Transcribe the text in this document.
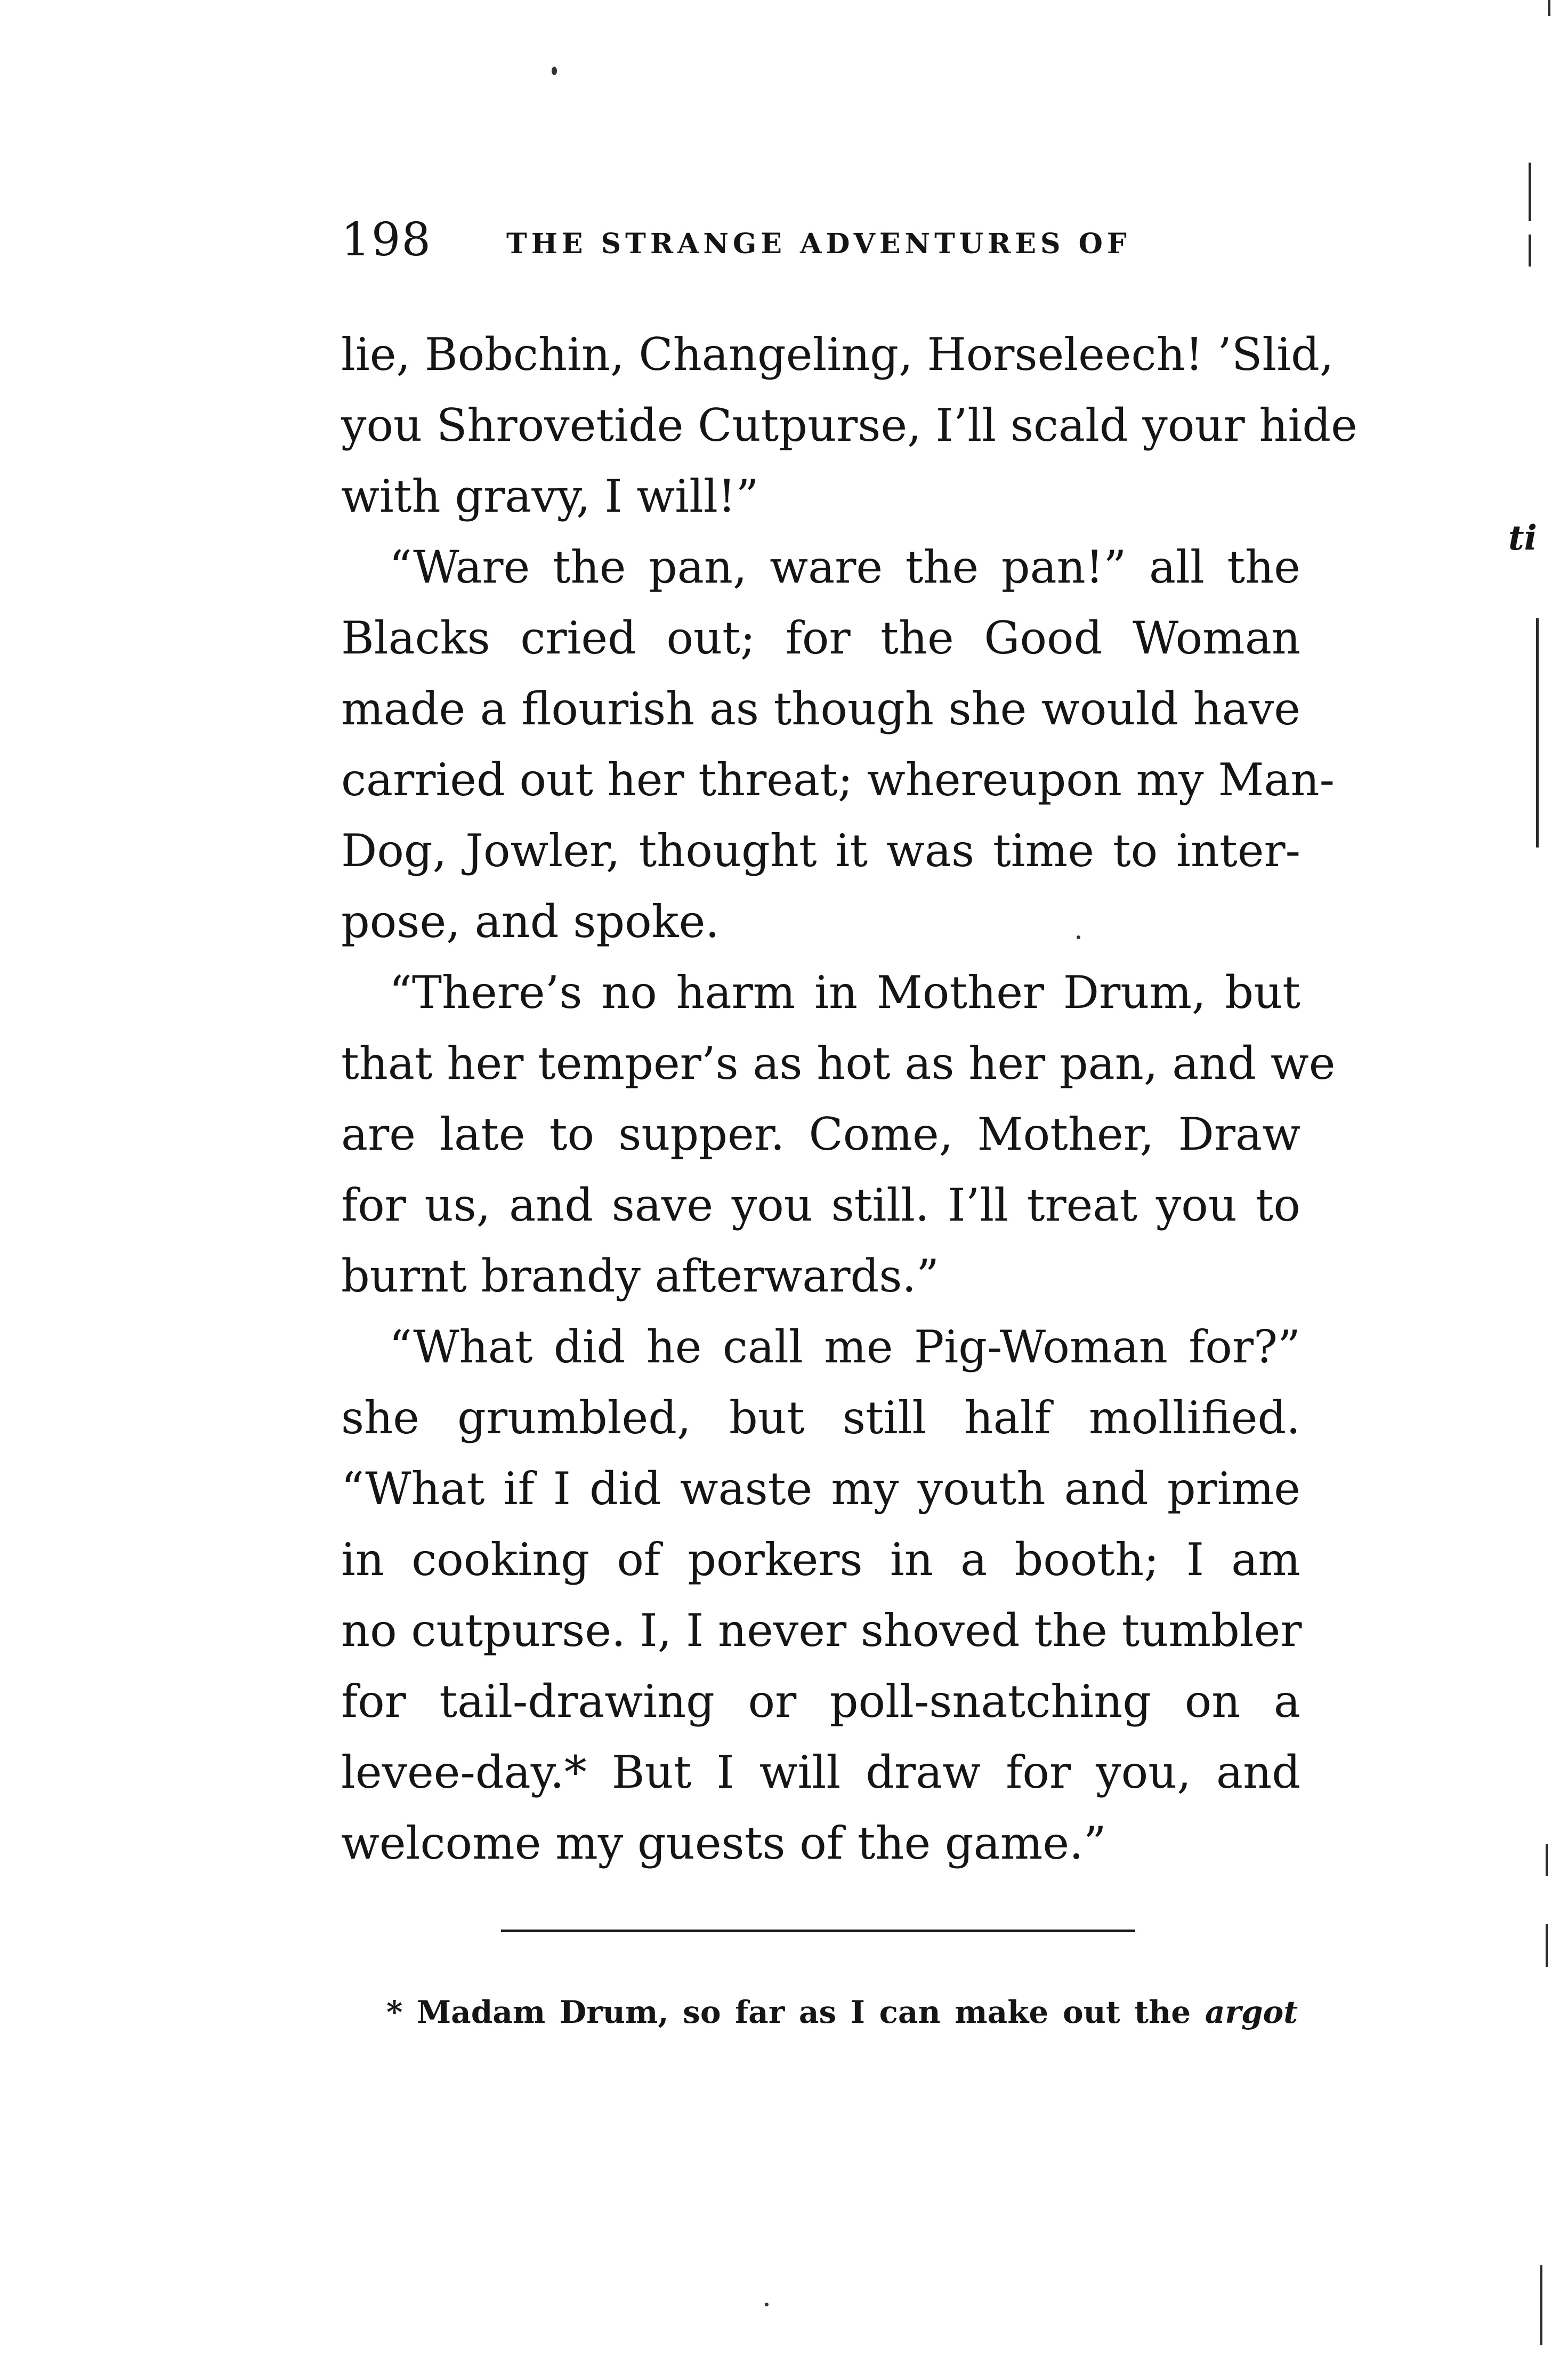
198	THE STRANGE ADVENTURES OF
lie, Bobchin, Changeling, Horseleech! ’Slid,
you Shrovetide Cutpurse, I’ll scald your hide
with gravy, I will!”
“Ware the pan, ware the pan!” all the
Blacks cried out; for the Good Woman
made a flourish as though she would have
carried out her threat; whereupon my Man-
Dog, Jowler, thought it was time to inter-
pose, and spoke.
“There’s no harm in Mother Drum, but
that her temper’s as hot as her pan, and we
are late to supper. Come, Mother, Draw
for us, and save you still. I’ll treat you to
burnt brandy afterwards.”
“What did he call me Pig-Woman for?”
she grumbled, but still half mollified.
“What if I did waste my youth and prime
in cooking of porkers in a booth; I am
no cutpurse. I, I never shoved the tumbler
for tail-drawing or poll-snatching on a
levee-day.* But I will draw for you, and
welcome my guests of the game.”
* Madam Drum, so far as I can make out the argot
ti
